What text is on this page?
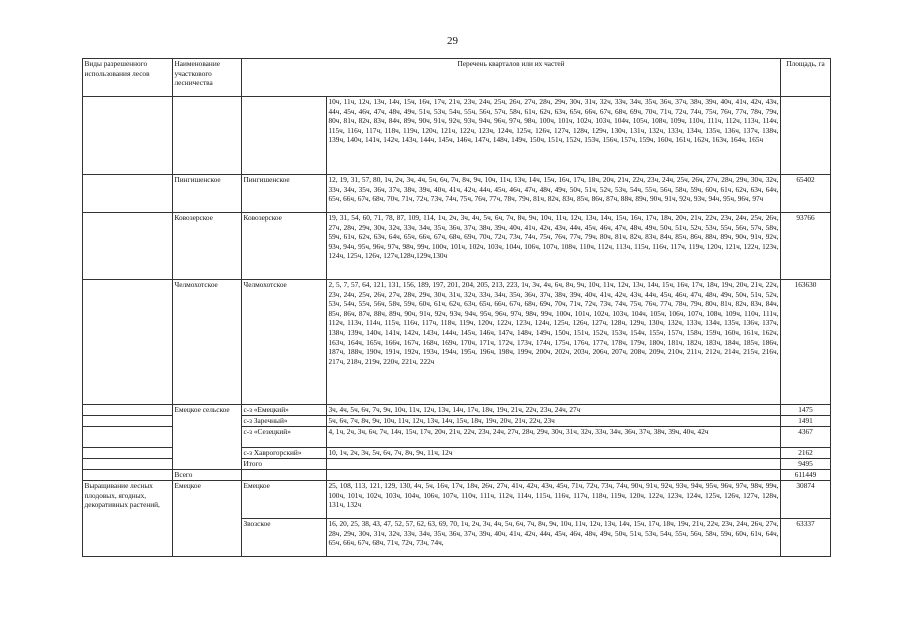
29
Виды разрешенного использования лесов	Наименование участкового лесничества	Перечень кварталов или их частей		Площадь, га
			10ч, 11ч, 12ч, 13ч, 14ч, 15ч, 16ч, 17ч, 21ч, 23ч, 24ч, 25ч, 26ч, 27ч, 28ч, 29ч, 30ч, 31ч, 32ч, 33ч, 34ч, 35ч, 36ч, 37ч, 38ч, 39ч, 40ч, 41ч, 42ч, 43ч, 44ч, 45ч, 46ч, 47ч, 48ч, 49ч, 51ч, 53ч, 54ч, 55ч, 56ч, 57ч, 58ч, 61ч, 62ч, 63ч, 65ч, 66ч, 67ч, 68ч, 69ч, 70ч, 71ч, 72ч, 74ч, 75ч, 76ч, 77ч, 78ч, 79ч, 80ч, 81ч, 82ч, 83ч, 84ч, 89ч, 90ч, 91ч, 92ч, 93ч, 94ч, 96ч, 97ч, 98ч, 100ч, 101ч, 102ч, 103ч, 104ч, 105ч, 108ч, 109ч, 110ч, 111ч, 112ч, 113ч, 114ч, 115ч, 116ч, 117ч, 118ч, 119ч, 120ч, 121ч, 122ч, 123ч, 124ч, 125ч, 126ч, 127ч, 128ч, 129ч, 130ч, 131ч, 132ч, 133ч, 134ч, 135ч, 136ч, 137ч, 138ч, 139ч, 140ч, 141ч, 142ч, 143ч, 144ч, 145ч, 146ч, 147ч, 148ч, 149ч, 150ч, 151ч, 152ч, 153ч, 156ч, 157ч, 159ч, 160ч, 161ч, 162ч, 163ч, 164ч, 165ч	
	Пингишенское	Пингишенское	12, 19, 31, 57, 80, 1ч, 2ч, 3ч, 4ч, 5ч, 6ч, 7ч, 8ч, 9ч, 10ч, 11ч, 13ч, 14ч, 15ч, 16ч, 17ч, 18ч, 20ч, 21ч, 22ч, 23ч, 24ч, 25ч, 26ч, 27ч, 28ч, 29ч, 30ч, 32ч, 33ч, 34ч, 35ч, 36ч, 37ч, 38ч, 39ч, 40ч, 41ч, 42ч, 44ч, 45ч, 46ч, 47ч, 48ч, 49ч, 50ч, 51ч, 52ч, 53ч, 54ч, 55ч, 56ч, 58ч, 59ч, 60ч, 61ч, 62ч, 63ч, 64ч, 65ч, 66ч, 67ч, 68ч, 70ч, 71ч, 72ч, 73ч, 74ч, 75ч, 76ч, 77ч, 78ч, 79ч, 81ч, 82ч, 83ч, 85ч, 86ч, 87ч, 88ч, 89ч, 90ч, 91ч, 92ч, 93ч, 94ч, 95ч, 96ч, 97ч	65402
	Ковозерское	Ковозерское	19, 31, 54, 60, 71, 78, 87, 109, 114, 1ч, 2ч, 3ч, 4ч, 5ч, 6ч, 7ч, 8ч, 9ч, 10ч, 11ч, 12ч, 13ч, 14ч, 15ч, 16ч, 17ч, 18ч, 20ч, 21ч, 22ч, 23ч, 24ч, 25ч, 26ч, 27ч, 28ч, 29ч, 30ч, 32ч, 33ч, 34ч, 35ч, 36ч, 37ч, 38ч, 39ч, 40ч, 41ч, 42ч, 43ч, 44ч, 45ч, 46ч, 47ч, 48ч, 49ч, 50ч, 51ч, 52ч, 53ч, 55ч, 56ч, 57ч, 58ч, 59ч, 61ч, 62ч, 63ч, 64ч, 65ч, 66ч, 67ч, 68ч, 69ч, 70ч, 72ч, 73ч, 74ч, 75ч, 76ч, 77ч, 79ч, 80ч, 81ч, 82ч, 83ч, 84ч, 85ч, 86ч, 88ч, 89ч, 90ч, 91ч, 92ч, 93ч, 94ч, 95ч, 96ч, 97ч, 98ч, 99ч, 100ч, 101ч, 102ч, 103ч, 104ч, 106ч, 107ч, 108ч, 110ч, 112ч, 113ч, 115ч, 116ч, 117ч, 119ч, 120ч, 121ч, 122ч, 123ч, 124ч, 125ч, 126ч, 127ч,128ч,129ч,130ч	93766
	Челмохотское	Челмохотское	2, 5, 7, 57, 64, 121, 131, 156, 189, 197, 201, 204, 205, 213, 223, 1ч, 3ч, 4ч, 6ч, 8ч, 9ч, 10ч, 11ч, 12ч, 13ч, 14ч, 15ч, 16ч, 17ч, 18ч, 19ч, 20ч, 21ч, 22ч, 23ч, 24ч, 25ч, 26ч, 27ч, 28ч, 29ч, 30ч, 31ч, 32ч, 33ч, 34ч, 35ч, 36ч, 37ч, 38ч, 39ч, 40ч, 41ч, 42ч, 43ч, 44ч, 45ч, 46ч, 47ч, 48ч, 49ч, 50ч, 51ч, 52ч, 53ч, 54ч, 55ч, 56ч, 58ч, 59ч, 60ч, 61ч, 62ч, 63ч, 65ч, 66ч, 67ч, 68ч, 69ч, 70ч, 71ч, 72ч, 73ч, 74ч, 75ч, 76ч, 77ч, 78ч, 79ч, 80ч, 81ч, 82ч, 83ч, 84ч, 85ч, 86ч, 87ч, 88ч, 89ч, 90ч, 91ч, 92ч, 93ч, 94ч, 95ч, 96ч, 97ч, 98ч, 99ч, 100ч, 101ч, 102ч, 103ч, 104ч, 105ч, 106ч, 107ч, 108ч, 109ч, 110ч, 111ч, 112ч, 113ч, 114ч, 115ч, 116ч, 117ч, 118ч, 119ч, 120ч, 122ч, 123ч, 124ч, 125ч, 126ч, 127ч, 128ч, 129ч, 130ч, 132ч, 133ч, 134ч, 135ч, 136ч, 137ч, 138ч, 139ч, 140ч, 141ч, 142ч, 143ч, 144ч, 145ч, 146ч, 147ч, 148ч, 149ч, 150ч, 151ч, 152ч, 153ч, 154ч, 155ч, 157ч, 158ч, 159ч, 160ч, 161ч, 162ч, 163ч, 164ч, 165ч, 166ч, 167ч, 168ч, 169ч, 170ч, 171ч, 172ч, 173ч, 174ч, 175ч, 176ч, 177ч, 178ч, 179ч, 180ч, 181ч, 182ч, 183ч, 184ч, 185ч, 186ч, 187ч, 188ч, 190ч, 191ч, 192ч, 193ч, 194ч, 195ч, 196ч, 198ч, 199ч, 200ч, 202ч, 203ч, 206ч, 207ч, 208ч, 209ч, 210ч, 211ч, 212ч, 214ч, 215ч, 216ч, 217ч, 218ч, 219ч, 220ч, 221ч, 222ч	163630
	Емецкое сельское	с-з «Емецкий»	3ч, 4ч, 5ч, 6ч, 7ч, 9ч, 10ч, 11ч, 12ч, 13ч, 14ч, 17ч, 18ч, 19ч, 21ч, 22ч, 23ч, 24ч, 27ч	1475
		с-з Заречный»	5ч, 6ч, 7ч, 8ч, 9ч, 10ч, 11ч, 12ч, 13ч, 14ч, 15ч, 18ч, 19ч, 20ч, 21ч, 22ч, 23ч	1491
		с-з «Сезецкий»	4, 1ч, 2ч, 3ч, 6ч, 7ч, 14ч, 15ч, 17ч, 20ч, 21ч, 22ч, 23ч, 24ч, 27ч, 28ч, 29ч, 30ч, 31ч, 32ч, 33ч, 34ч, 36ч, 37ч, 38ч, 39ч, 40ч, 42ч	4367
		с-з Хаврогорский»	10, 1ч, 2ч, 3ч, 5ч, 6ч, 7ч, 8ч, 9ч, 11ч, 12ч	2162
		Итого		9495
	Всего			611449
Выращивание лесных плодовых, ягодных, декоративных растений,	Емецкое	Емецкое	25, 108, 113, 121, 129, 130, 4ч, 5ч, 16ч, 17ч, 18ч, 26ч, 27ч, 41ч, 42ч, 43ч, 45ч, 71ч, 72ч, 73ч, 74ч, 90ч, 91ч, 92ч, 93ч, 94ч, 95ч, 96ч, 97ч, 98ч, 99ч, 100ч, 101ч, 102ч, 103ч, 104ч, 106ч, 107ч, 110ч, 111ч, 112ч, 114ч, 115ч, 116ч, 117ч, 118ч, 119ч, 120ч, 122ч, 123ч, 124ч, 125ч, 126ч, 127ч, 128ч, 131ч, 132ч	30874
		Звозское	16, 20, 25, 38, 43, 47, 52, 57, 62, 63, 69, 70, 1ч, 2ч, 3ч, 4ч, 5ч, 6ч, 7ч, 8ч, 9ч, 10ч, 11ч, 12ч, 13ч, 14ч, 15ч, 17ч, 18ч, 19ч, 21ч, 22ч, 23ч, 24ч, 26ч, 27ч, 28ч, 29ч, 30ч, 31ч, 32ч, 33ч, 34ч, 35ч, 36ч, 37ч, 39ч, 40ч, 41ч, 42ч, 44ч, 45ч, 46ч, 48ч, 49ч, 50ч, 51ч, 53ч, 54ч, 55ч, 56ч, 58ч, 59ч, 60ч, 61ч, 64ч, 65ч, 66ч, 67ч, 68ч, 71ч, 72ч, 73ч, 74ч,	63337
